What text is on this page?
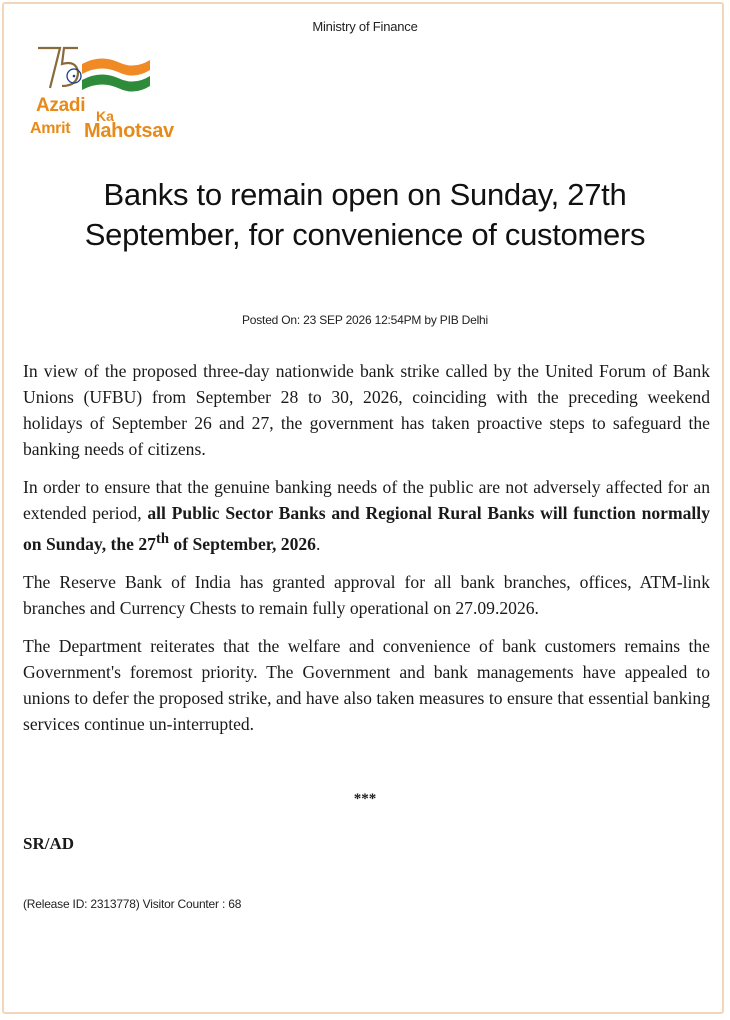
Ministry of Finance
Azadi Ka
Amrit Mahotsav
Banks to remain open on Sunday, 27th September, for convenience of customers
Posted On: 23 SEP 2026 12:54PM by PIB Delhi

In view of the proposed three-day nationwide bank strike called by the United Forum of Bank Unions (UFBU) from September 28 to 30, 2026, coinciding with the preceding weekend holidays of September 26 and 27, the government has taken proactive steps to safeguard the banking needs of citizens.

In order to ensure that the genuine banking needs of the public are not adversely affected for an extended period, all Public Sector Banks and Regional Rural Banks will function normally on Sunday, the 27th of September, 2026.

The Reserve Bank of India has granted approval for all bank branches, offices, ATM-link branches and Currency Chests to remain fully operational on 27.09.2026.

The Department reiterates that the welfare and convenience of bank customers remains the Government's foremost priority. The Government and bank managements have appealed to unions to defer the proposed strike, and have also taken measures to ensure that essential banking services continue un-interrupted.

***
SR/AD
(Release ID: 2313778) Visitor Counter : 68
